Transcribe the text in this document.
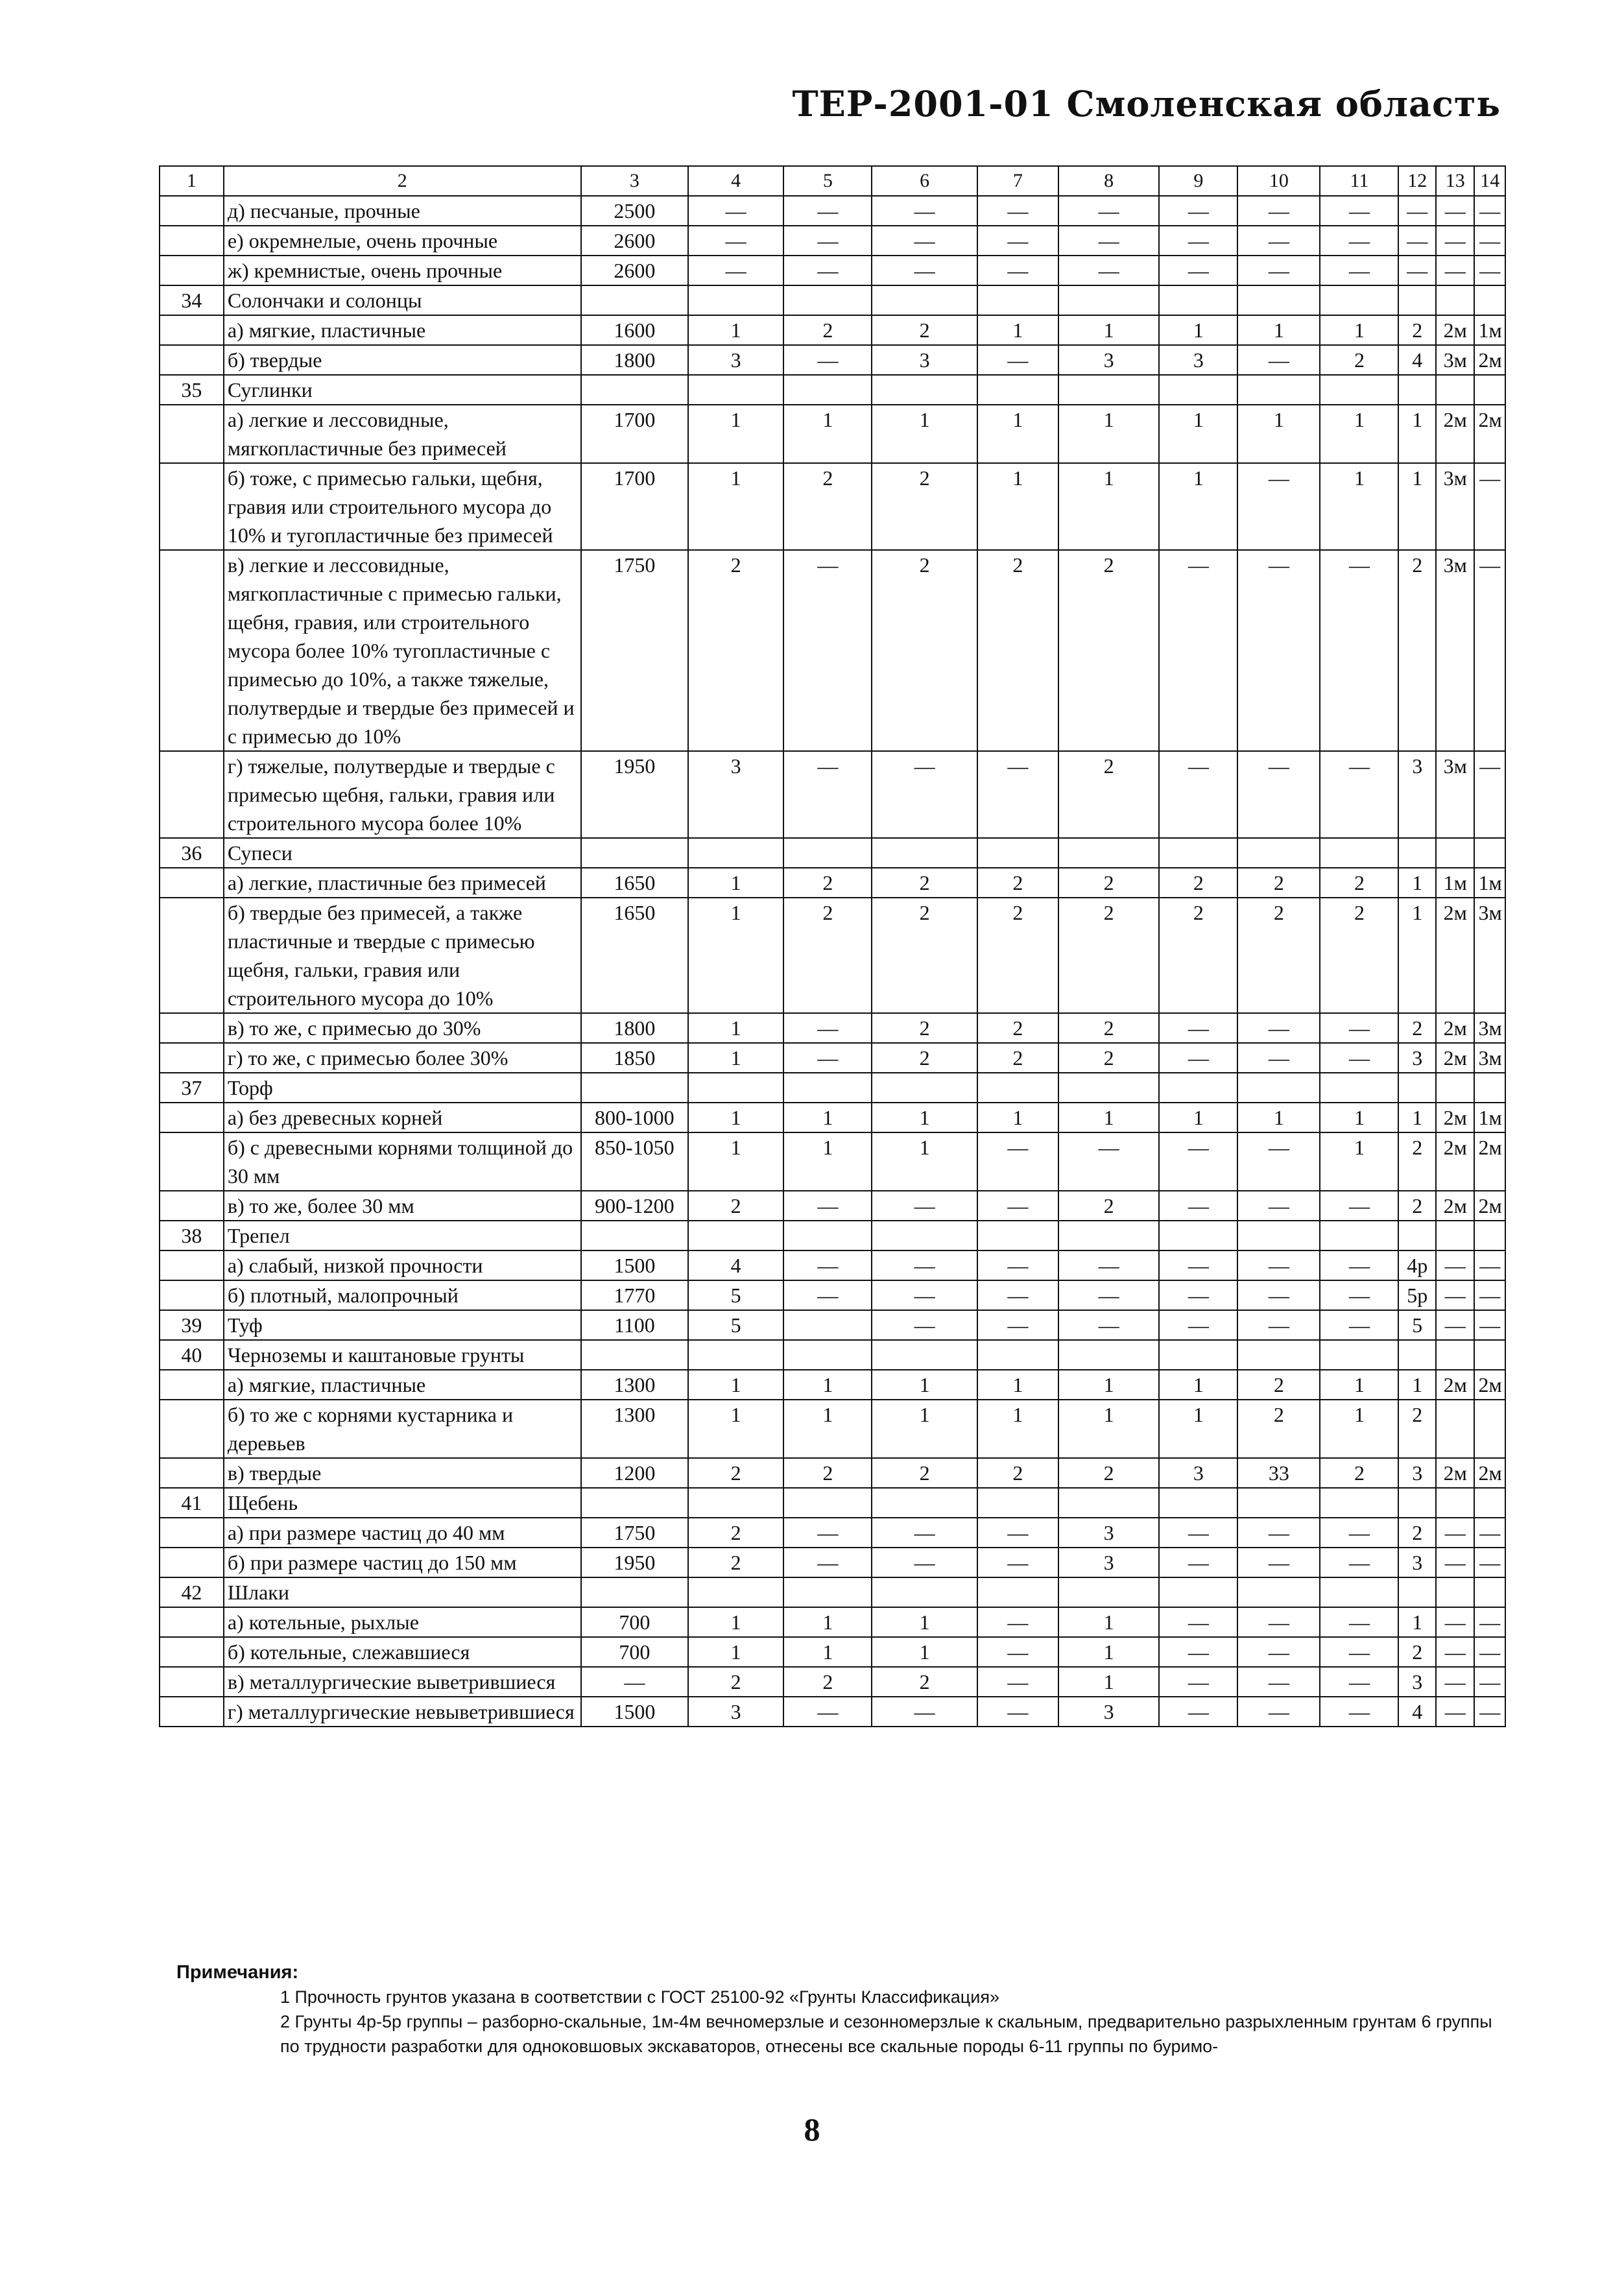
ТЕР-2001-01 Смоленская область
1	2	3	4	5	6	7	8	9	10	11	12	13	14
	д) песчаные, прочные	2500	—	—	—	—	—	—	—	—	—	—	—
	е) окремнелые, очень прочные	2600	—	—	—	—	—	—	—	—	—	—	—
	ж) кремнистые, очень прочные	2600	—	—	—	—	—	—	—	—	—	—	—
34	Солончаки и солонцы												
	а) мягкие, пластичные	1600	1	2	2	1	1	1	1	1	2	2м	1м
	б) твердые	1800	3	—	3	—	3	3	—	2	4	3м	2м
35	Суглинки												
	а) легкие и лессовидные, мягкопластичные без примесей	1700	1	1	1	1	1	1	1	1	1	2м	2м
	б) тоже, с примесью гальки, щебня, гравия или строительного мусора до 10% и тугопластичные без примесей	1700	1	2	2	1	1	1	—	1	1	3м	—
	в) легкие и лессовидные, мягкопластичные с примесью гальки, щебня, гравия, или строительного мусора более 10% тугопластичные с примесью до 10%, а также тяжелые, полутвердые и твердые без примесей и с примесью до 10%	1750	2	—	2	2	2	—	—	—	2	3м	—
	г) тяжелые, полутвердые и твердые с примесью щебня, гальки, гравия или строительного мусора более 10%	1950	3	—	—	—	2	—	—	—	3	3м	—
36	Супеси												
	а) легкие, пластичные без примесей	1650	1	2	2	2	2	2	2	2	1	1м	1м
	б) твердые без примесей, а также пластичные и твердые с примесью щебня, гальки, гравия или строительного мусора до 10%	1650	1	2	2	2	2	2	2	2	1	2м	3м
	в) то же, с примесью до 30%	1800	1	—	2	2	2	—	—	—	2	2м	3м
	г) то же, с примесью более 30%	1850	1	—	2	2	2	—	—	—	3	2м	3м
37	Торф												
	а) без древесных корней	800-1000	1	1	1	1	1	1	1	1	1	2м	1м
	б) с древесными корнями толщиной до 30 мм	850-1050	1	1	1	—	—	—	—	1	2	2м	2м
	в) то же, более 30 мм	900-1200	2	—	—	—	2	—	—	—	2	2м	2м
38	Трепел												
	а) слабый, низкой прочности	1500	4	—	—	—	—	—	—	—	4р	—	—
	б) плотный, малопрочный	1770	5	—	—	—	—	—	—	—	5р	—	—
39	Туф	1100	5		—	—	—	—	—	—	5	—	—
40	Черноземы и каштановые грунты												
	а) мягкие, пластичные	1300	1	1	1	1	1	1	2	1	1	2м	2м
	б) то же с корнями кустарника и деревьев	1300	1	1	1	1	1	1	2	1	2		
	в) твердые	1200	2	2	2	2	2	3	33	2	3	2м	2м
41	Щебень												
	а) при размере частиц до 40 мм	1750	2	—	—	—	3	—	—	—	2	—	—
	б) при размере частиц до 150 мм	1950	2	—	—	—	3	—	—	—	3	—	—
42	Шлаки												
	а) котельные, рыхлые	700	1	1	1	—	1	—	—	—	1	—	—
	б) котельные, слежавшиеся	700	1	1	1	—	1	—	—	—	2	—	—
	в) металлургические выветрившиеся	—	2	2	2	—	1	—	—	—	3	—	—
	г) металлургические невыветрившиеся	1500	3	—	—	—	3	—	—	—	4	—	—
Примечания:
1 Прочность грунтов указана в соответствии с ГОСТ 25100-92 «Грунты Классификация»
2 Грунты 4р-5р группы – разборно-скальные, 1м-4м вечномерзлые и сезонномерзлые к скальным, предварительно разрыхленным грунтам 6 группы по трудности разработки для одноковшовых экскаваторов, отнесены все скальные породы 6-11 группы по буримо-
8
